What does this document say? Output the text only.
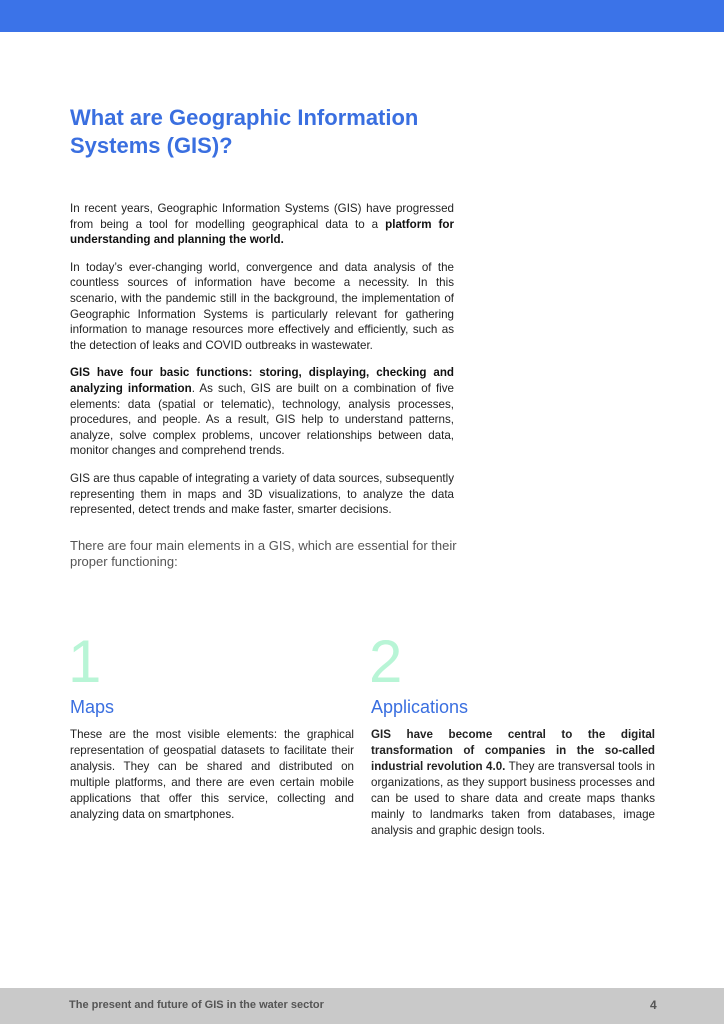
What are Geographic Information Systems (GIS)?

In recent years, Geographic Information Systems (GIS) have progressed from being a tool for modelling geographical data to a platform for understanding and planning the world.

In today’s ever-changing world, convergence and data analysis of the countless sources of information have become a necessity. In this scenario, with the pandemic still in the background, the implementation of Geographic Information Systems is particularly relevant for gathering information to manage resources more effectively and efficiently, such as the detection of leaks and COVID outbreaks in wastewater.

GIS have four basic functions: storing, displaying, checking and analyzing information. As such, GIS are built on a combination of five elements: data (spatial or telematic), technology, analysis processes, procedures, and people. As a result, GIS help to understand patterns, analyze, solve complex problems, uncover relationships between data, monitor changes and comprehend trends.

GIS are thus capable of integrating a variety of data sources, subsequently representing them in maps and 3D visualizations, to analyze the data represented, detect trends and make faster, smarter decisions.

There are four main elements in a GIS, which are essential for their proper functioning:

1
Maps

These are the most visible elements: the graphical representation of geospatial datasets to facilitate their analysis. They can be shared and distributed on multiple platforms, and there are even certain mobile applications that offer this service, collecting and analyzing data on smartphones.

2
Applications

GIS have become central to the digital transformation of companies in the so-called industrial revolution 4.0. They are transversal tools in organizations, as they support business processes and can be used to share data and create maps thanks mainly to landmarks taken from databases, image analysis and graphic design tools.

The present and future of GIS in the water sector	4
